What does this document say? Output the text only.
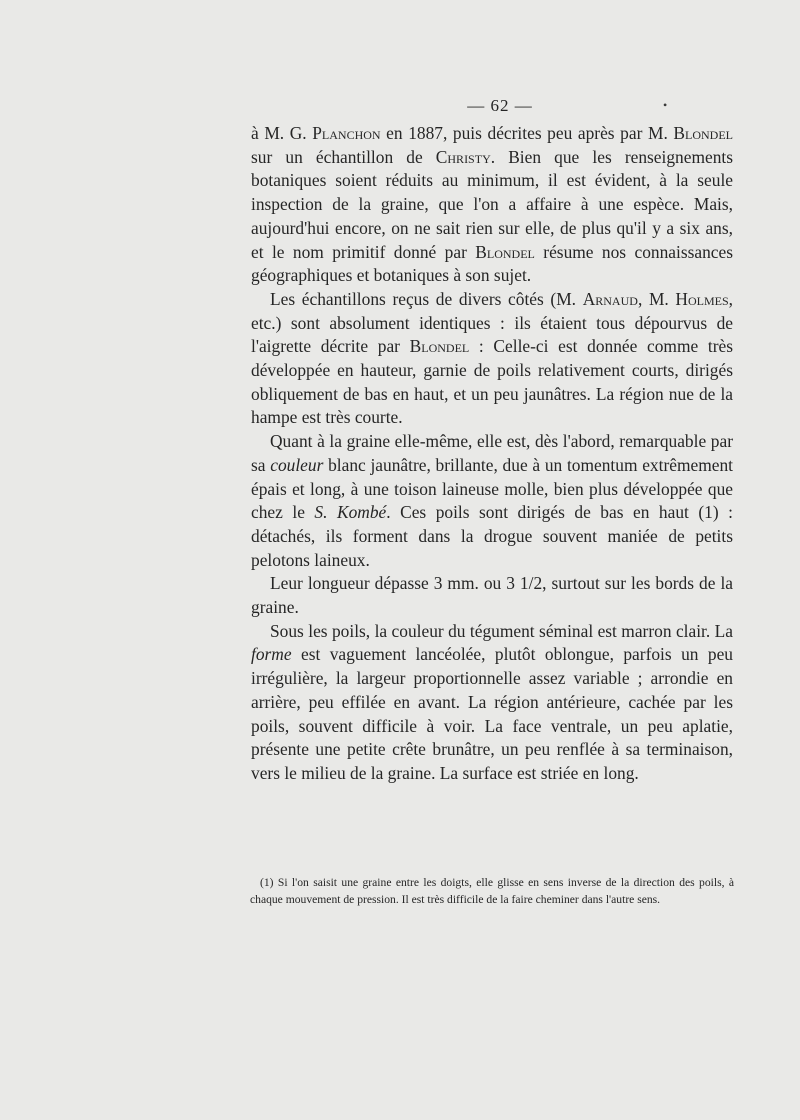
— 62 —	•

à M. G. Planchon en 1887, puis décrites peu après par M. Blondel sur un échantillon de Christy. Bien que les renseignements botaniques soient réduits au minimum, il est évident, à la seule inspection de la graine, que l'on a affaire à une espèce. Mais, aujourd'hui encore, on ne sait rien sur elle, de plus qu'il y a six ans, et le nom primitif donné par Blondel résume nos connaissances géographiques et botaniques à son sujet.

Les échantillons reçus de divers côtés (M. Arnaud, M. Holmes, etc.) sont absolument identiques : ils étaient tous dépourvus de l'aigrette décrite par Blondel : Celle-ci est donnée comme très développée en hauteur, garnie de poils relativement courts, dirigés obliquement de bas en haut, et un peu jaunâtres. La région nue de la hampe est très courte.

Quant à la graine elle-même, elle est, dès l'abord, remarquable par sa couleur blanc jaunâtre, brillante, due à un tomentum extrêmement épais et long, à une toison laineuse molle, bien plus développée que chez le S. Kombé. Ces poils sont dirigés de bas en haut (1) : détachés, ils forment dans la drogue souvent maniée de petits pelotons laineux.

Leur longueur dépasse 3 mm. ou 3 1/2, surtout sur les bords de la graine.

Sous les poils, la couleur du tégument séminal est marron clair. La forme est vaguement lancéolée, plutôt oblongue, parfois un peu irrégulière, la largeur proportionnelle assez variable ; arrondie en arrière, peu effilée en avant. La région antérieure, cachée par les poils, souvent difficile à voir. La face ventrale, un peu aplatie, présente une petite crête brunâtre, un peu renflée à sa terminaison, vers le milieu de la graine. La surface est striée en long.

(1) Si l'on saisit une graine entre les doigts, elle glisse en sens inverse de la direction des poils, à chaque mouvement de pression. Il est très difficile de la faire cheminer dans l'autre sens.
